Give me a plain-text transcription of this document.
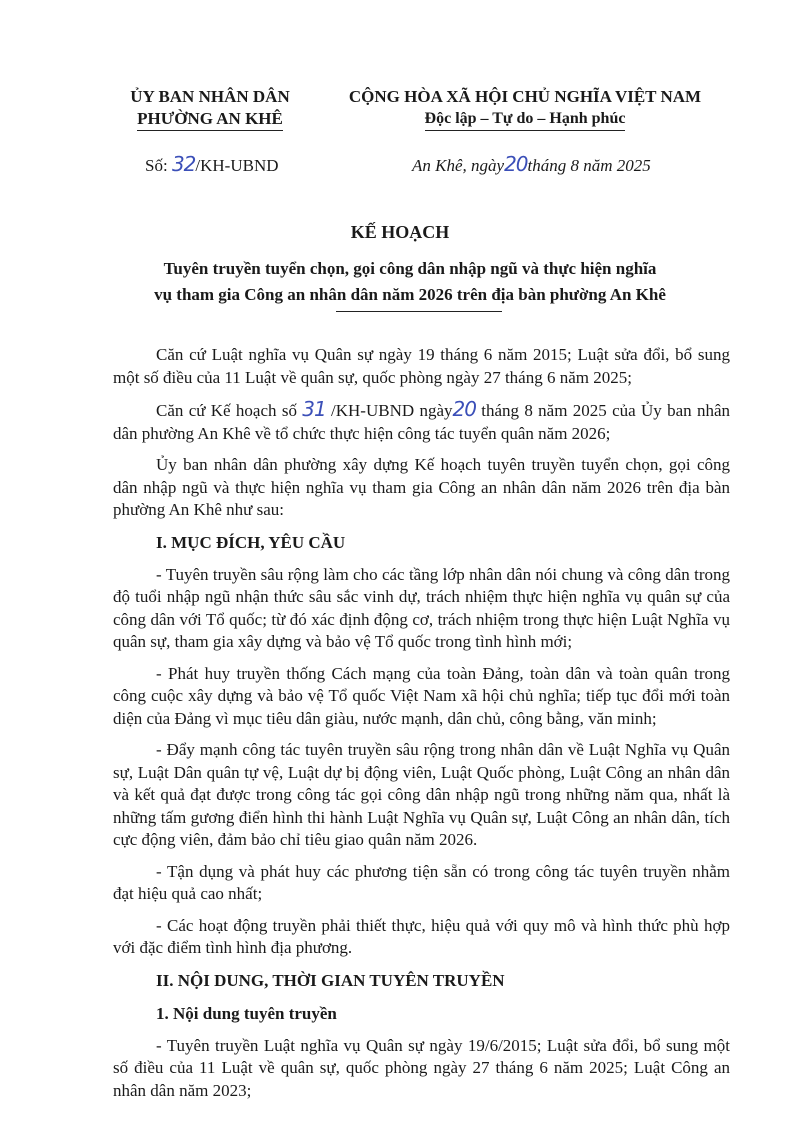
ỦY BAN NHÂN DÂN
PHƯỜNG AN KHÊ
CỘNG HÒA XÃ HỘI CHỦ NGHĨA VIỆT NAM
Độc lập – Tự do – Hạnh phúc
Số: 32/KH-UBND	An Khê, ngày20tháng 8 năm 2025
KẾ HOẠCH
Tuyên truyền tuyển chọn, gọi công dân nhập ngũ và thực hiện nghĩa
vụ tham gia Công an nhân dân năm 2026 trên địa bàn phường An Khê

Căn cứ Luật nghĩa vụ Quân sự ngày 19 tháng 6 năm 2015; Luật sửa đổi, bổ sung một số điều của 11 Luật về quân sự, quốc phòng ngày 27 tháng 6 năm 2025;

Căn cứ Kế hoạch số 31 /KH-UBND ngày20 tháng 8 năm 2025 của Ủy ban nhân dân phường An Khê về tổ chức thực hiện công tác tuyển quân năm 2026;

Ủy ban nhân dân phường xây dựng Kế hoạch tuyên truyền tuyển chọn, gọi công dân nhập ngũ và thực hiện nghĩa vụ tham gia Công an nhân dân năm 2026 trên địa bàn phường An Khê như sau:

I. MỤC ĐÍCH, YÊU CẦU

- Tuyên truyền sâu rộng làm cho các tầng lớp nhân dân nói chung và công dân trong độ tuổi nhập ngũ nhận thức sâu sắc vinh dự, trách nhiệm thực hiện nghĩa vụ quân sự của công dân với Tổ quốc; từ đó xác định động cơ, trách nhiệm trong thực hiện Luật Nghĩa vụ quân sự, tham gia xây dựng và bảo vệ Tổ quốc trong tình hình mới;

- Phát huy truyền thống Cách mạng của toàn Đảng, toàn dân và toàn quân trong công cuộc xây dựng và bảo vệ Tổ quốc Việt Nam xã hội chủ nghĩa; tiếp tục đổi mới toàn diện của Đảng vì mục tiêu dân giàu, nước mạnh, dân chủ, công bằng, văn minh;

- Đẩy mạnh công tác tuyên truyền sâu rộng trong nhân dân về Luật Nghĩa vụ Quân sự, Luật Dân quân tự vệ, Luật dự bị động viên, Luật Quốc phòng, Luật Công an nhân dân và kết quả đạt được trong công tác gọi công dân nhập ngũ trong những năm qua, nhất là những tấm gương điển hình thi hành Luật Nghĩa vụ Quân sự, Luật Công an nhân dân, tích cực động viên, đảm bảo chỉ tiêu giao quân năm 2026.

- Tận dụng và phát huy các phương tiện sẵn có trong công tác tuyên truyền nhằm đạt hiệu quả cao nhất;

- Các hoạt động truyền phải thiết thực, hiệu quả với quy mô và hình thức phù hợp với đặc điểm tình hình địa phương.

II. NỘI DUNG, THỜI GIAN TUYÊN TRUYỀN
1. Nội dung tuyên truyền

- Tuyên truyền Luật nghĩa vụ Quân sự ngày 19/6/2015; Luật sửa đổi, bổ sung một số điều của 11 Luật về quân sự, quốc phòng ngày 27 tháng 6 năm 2025; Luật Công an nhân dân năm 2023;
